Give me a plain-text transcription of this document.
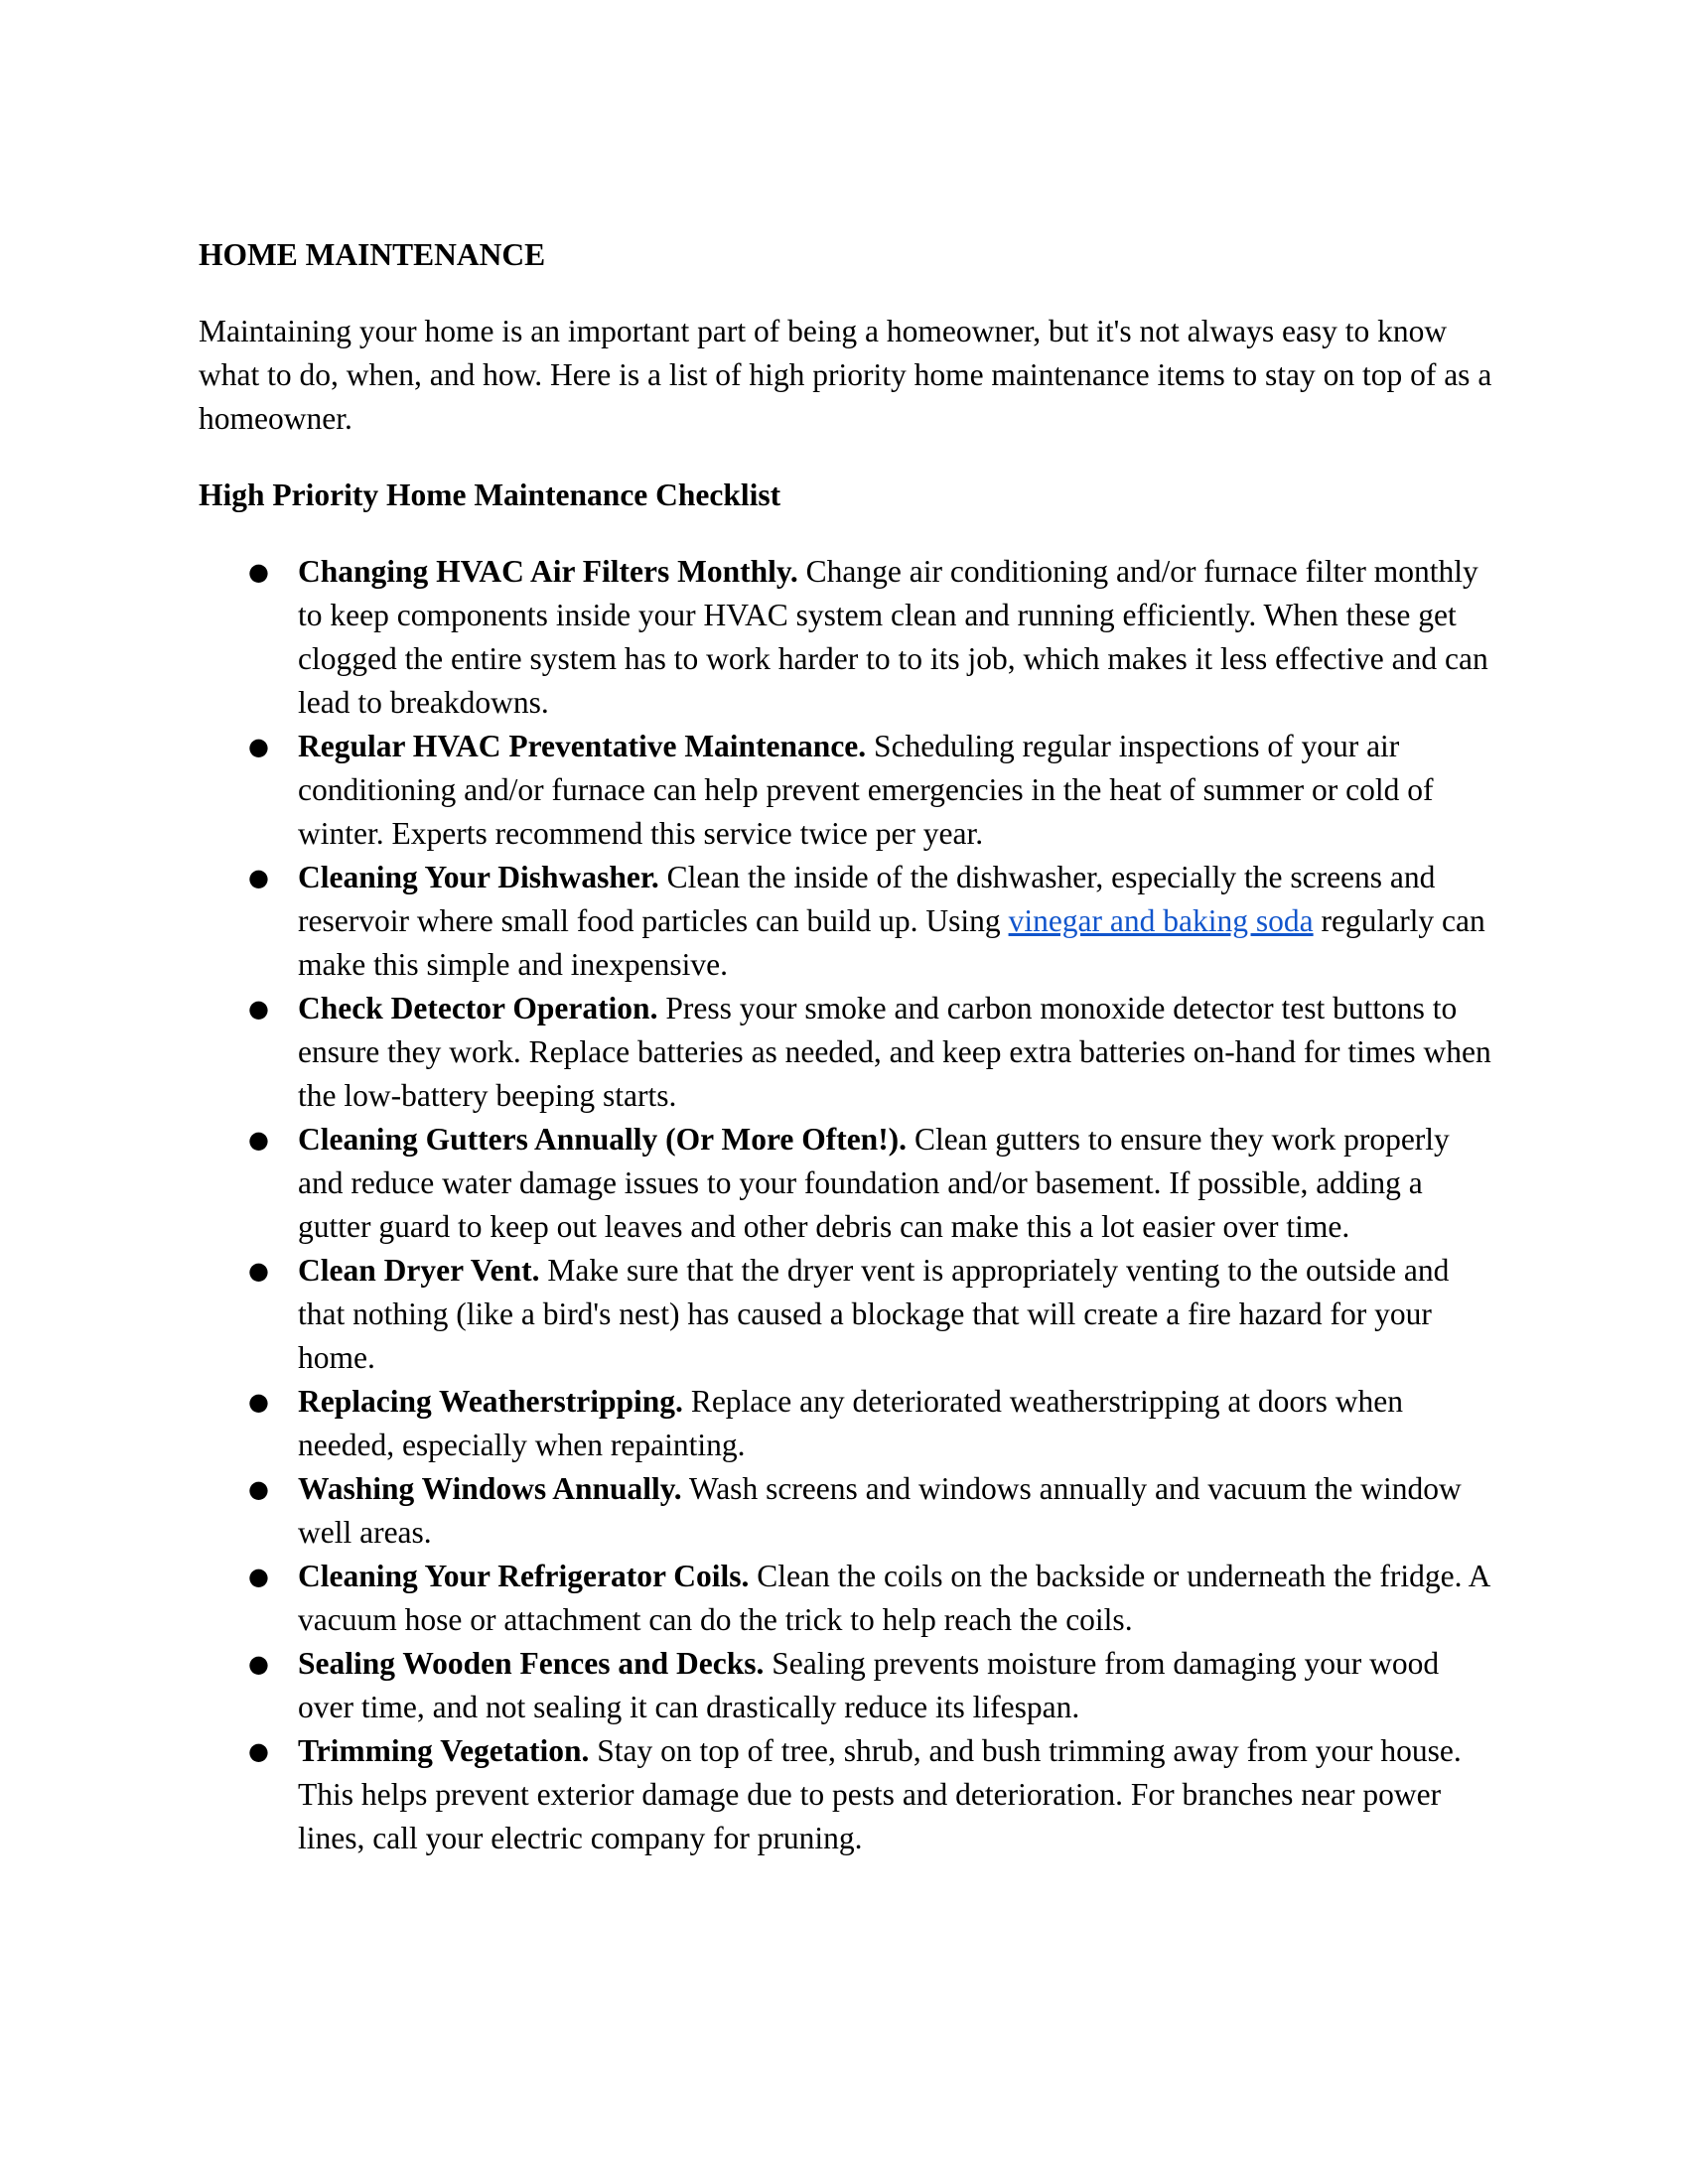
HOME MAINTENANCE

Maintaining your home is an important part of being a homeowner, but it's not always easy to know what to do, when, and how. Here is a list of high priority home maintenance items to stay on top of as a homeowner.

High Priority Home Maintenance Checklist
● Changing HVAC Air Filters Monthly. Change air conditioning and/or furnace filter monthly to keep components inside your HVAC system clean and running efficiently. When these get clogged the entire system has to work harder to to its job, which makes it less effective and can lead to breakdowns.
● Regular HVAC Preventative Maintenance. Scheduling regular inspections of your air conditioning and/or furnace can help prevent emergencies in the heat of summer or cold of winter. Experts recommend this service twice per year.
● Cleaning Your Dishwasher. Clean the inside of the dishwasher, especially the screens and reservoir where small food particles can build up. Using vinegar and baking soda regularly can make this simple and inexpensive.
● Check Detector Operation. Press your smoke and carbon monoxide detector test buttons to ensure they work. Replace batteries as needed, and keep extra batteries on-hand for times when the low-battery beeping starts.
● Cleaning Gutters Annually (Or More Often!). Clean gutters to ensure they work properly and reduce water damage issues to your foundation and/or basement. If possible, adding a gutter guard to keep out leaves and other debris can make this a lot easier over time.
● Clean Dryer Vent. Make sure that the dryer vent is appropriately venting to the outside and that nothing (like a bird's nest) has caused a blockage that will create a fire hazard for your home.
● Replacing Weatherstripping. Replace any deteriorated weatherstripping at doors when needed, especially when repainting.
● Washing Windows Annually. Wash screens and windows annually and vacuum the window well areas.
● Cleaning Your Refrigerator Coils. Clean the coils on the backside or underneath the fridge. A vacuum hose or attachment can do the trick to help reach the coils.
● Sealing Wooden Fences and Decks. Sealing prevents moisture from damaging your wood over time, and not sealing it can drastically reduce its lifespan.
● Trimming Vegetation. Stay on top of tree, shrub, and bush trimming away from your house. This helps prevent exterior damage due to pests and deterioration. For branches near power lines, call your electric company for pruning.
